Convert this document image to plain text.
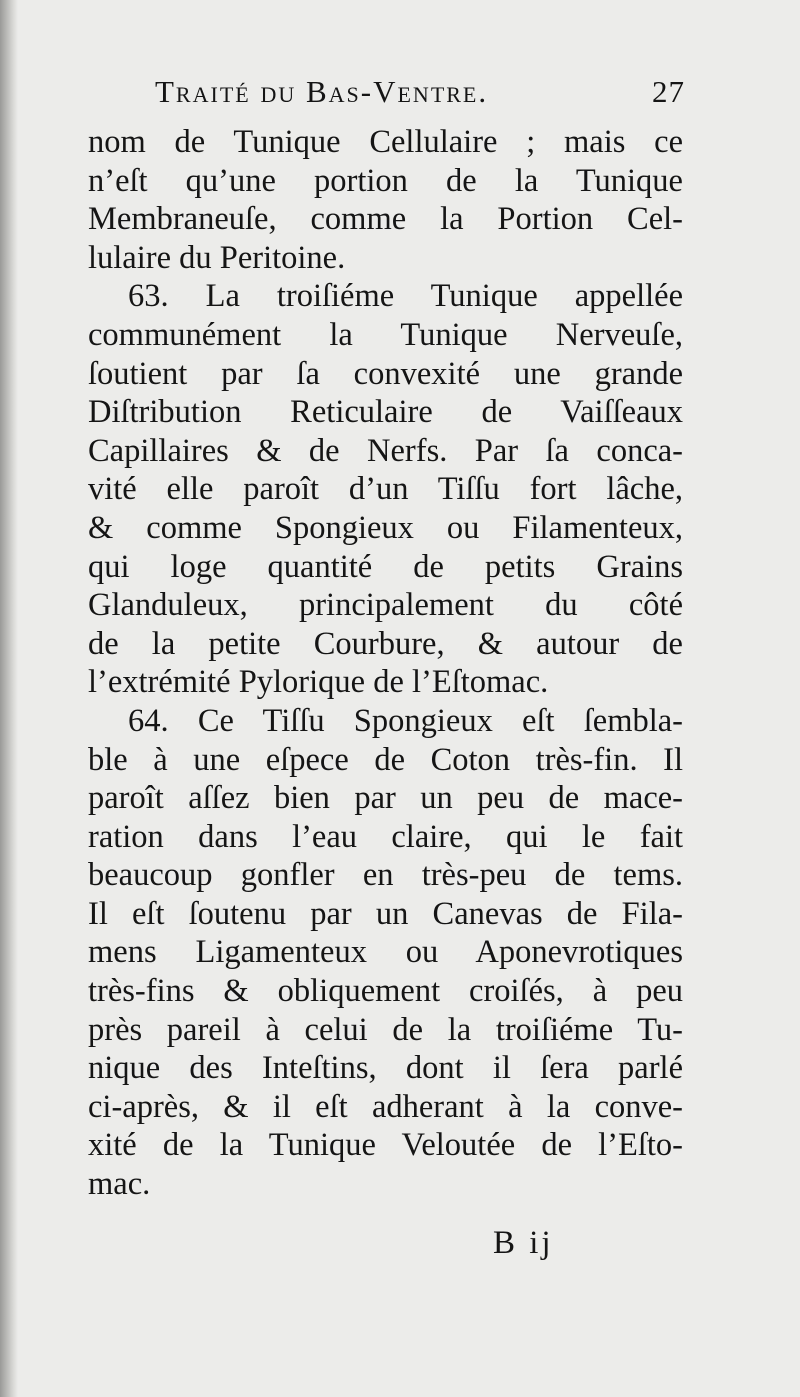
Traité du Bas-Ventre.	27
nom de Tunique Cellulaire ; mais ce
n’eſt qu’une portion de la Tunique
Membraneuſe, comme la Portion Cel-
lulaire du Peritoine.
63. La troiſiéme Tunique appellée
communément la Tunique Nerveuſe,
ſoutient par ſa convexité une grande
Diſtribution Reticulaire de Vaiſſeaux
Capillaires & de Nerfs. Par ſa conca-
vité elle paroît d’un Tiſſu fort lâche,
& comme Spongieux ou Filamenteux,
qui loge quantité de petits Grains
Glanduleux, principalement du côté
de la petite Courbure, & autour de
l’extrémité Pylorique de l’Eſtomac.
64. Ce Tiſſu Spongieux eſt ſembla-
ble à une eſpece de Coton très-fin. Il
paroît aſſez bien par un peu de mace-
ration dans l’eau claire, qui le fait
beaucoup gonfler en très-peu de tems.
Il eſt ſoutenu par un Canevas de Fila-
mens Ligamenteux ou Aponevrotiques
très-fins & obliquement croiſés, à peu
près pareil à celui de la troiſiéme Tu-
nique des Inteſtins, dont il ſera parlé
ci-après, & il eſt adherant à la conve-
xité de la Tunique Veloutée de l’Eſto-
mac.
B ij
